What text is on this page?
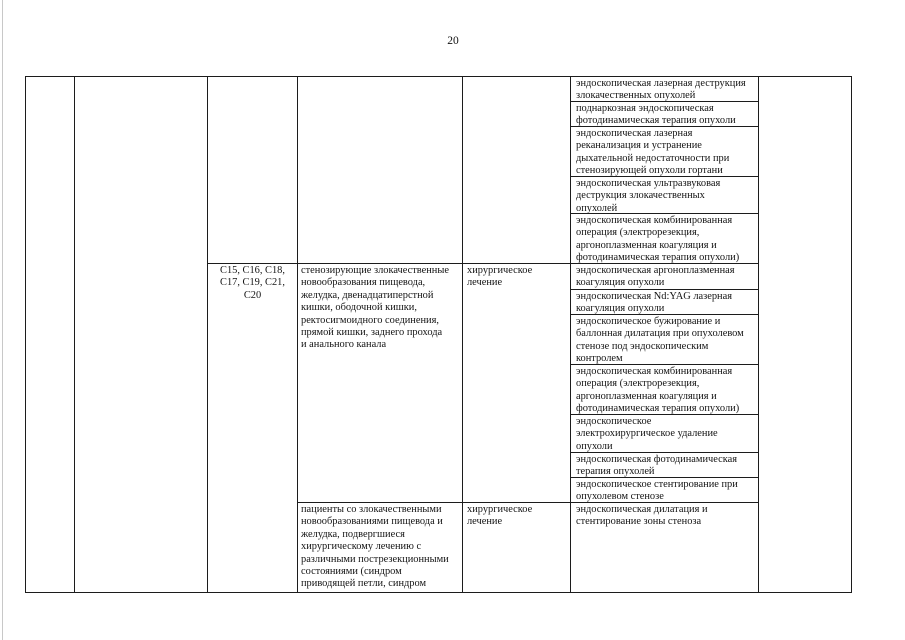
20
эндоскопическая лазерная деструкция
злокачественных опухолей
поднаркозная эндоскопическая
фотодинамическая терапия опухоли
эндоскопическая лазерная
реканализация и устранение
дыхательной недостаточности при
стенозирующей опухоли гортани
эндоскопическая ультразвуковая
деструкция злокачественных
опухолей
эндоскопическая комбинированная
операция (электрорезекция,
аргоноплазменная коагуляция и
фотодинамическая терапия опухоли)
C15, C16, C18,
C17, C19, C21,
C20
стенозирующие злокачественные
новообразования пищевода,
желудка, двенадцатиперстной
кишки, ободочной кишки,
ректосигмоидного соединения,
прямой кишки, заднего прохода
и анального канала
хирургическое
лечение
эндоскопическая аргоноплазменная
коагуляция опухоли
эндоскопическая Nd:YAG лазерная
коагуляция опухоли
эндоскопическое бужирование и
баллонная дилатация при опухолевом
стенозе под эндоскопическим
контролем
эндоскопическая комбинированная
операция (электрорезекция,
аргоноплазменная коагуляция и
фотодинамическая терапия опухоли)
эндоскопическое
электрохирургическое удаление
опухоли
эндоскопическая фотодинамическая
терапия опухолей
эндоскопическое стентирование при
опухолевом стенозе
пациенты со злокачественными
новообразованиями пищевода и
желудка, подвергшиеся
хирургическому лечению с
различными пострезекционными
состояниями (синдром
приводящей петли, синдром
хирургическое
лечение
эндоскопическая дилатация и
стентирование зоны стеноза
